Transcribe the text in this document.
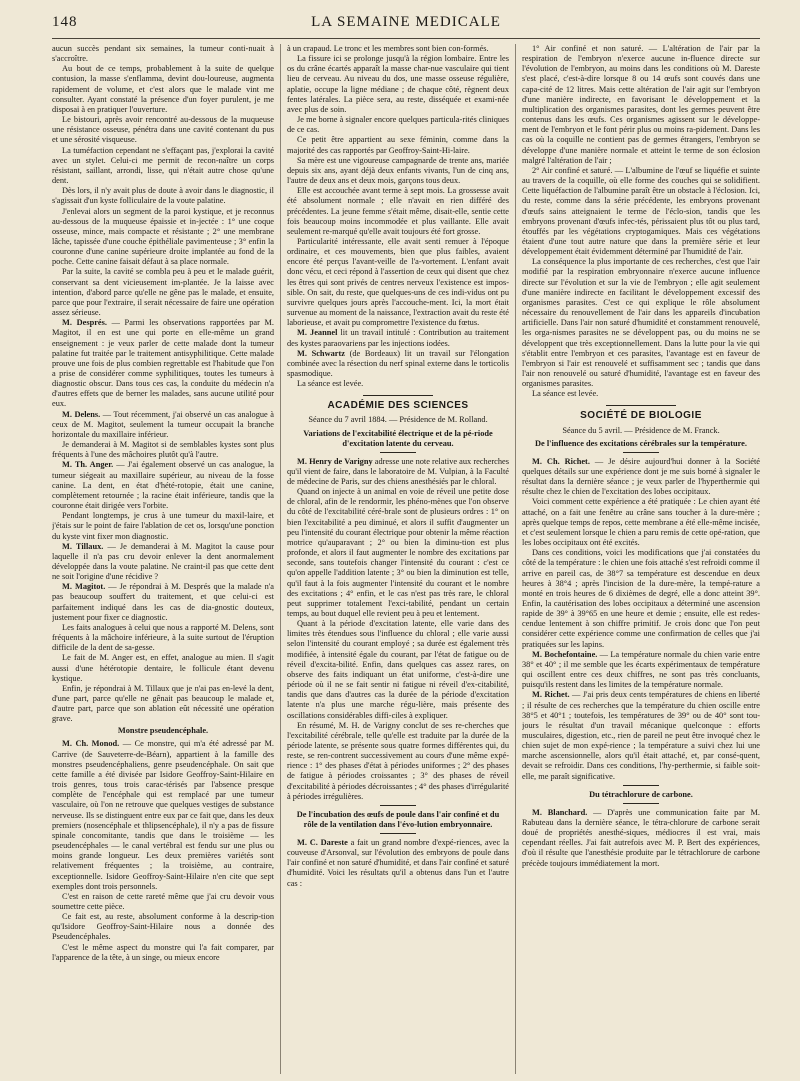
148	LA SEMAINE MEDICALE

aucun succès pendant six semaines, la tumeur conti-nuait à s'accroître.

Au bout de ce temps, probablement à la suite de quelque contusion, la masse s'enflamma, devint dou-loureuse, augmenta rapidement de volume, et c'est alors que le malade vint me consulter. Ayant constaté la présence d'un foyer purulent, je me disposai à en pratiquer l'ouverture.

Le bistouri, après avoir rencontré au-dessous de la muqueuse une résistance osseuse, pénétra dans une cavité contenant du pus et une sérosité visqueuse.

La tuméfaction cependant ne s'effaçant pas, j'explorai la cavité avec un stylet. Celui-ci me permit de recon-naître un corps résistant, saillant, arrondi, lisse, qui n'était autre chose qu'une dent.

Dès lors, il n'y avait plus de doute à avoir dans le diagnostic, il s'agissait d'un kyste folliculaire de la voute palatine.

J'enlevai alors un segment de la paroi kystique, et je reconnus au-dessous de la muqueuse épaissie et in-jectée : 1° une coque osseuse, mince, mais compacte et résistante ; 2° une membrane lâche, tapissée d'une couche épithéliale pavimenteuse ; 3° enfin la couronne d'une canine supérieure droite implantée au fond de la poche. Cette canine faisait défaut à sa place normale.

Par la suite, la cavité se combla peu à peu et le malade guérit, conservant sa dent vicieusement im-plantée. Je la laisse avec intention, d'abord parce qu'elle ne gêne pas le malade, et ensuite, parce que pour l'extraire, il serait nécessaire de faire une opération assez sérieuse.

M. Després. — Parmi les observations rapportées par M. Magitot, il en est une qui porte en elle-même un grand enseignement : je veux parler de cette malade dont la tumeur palatine fut traitée par le traitement antisyphilitique. Cette malade prouve une fois de plus combien regrettable est l'habitude que l'on a prise de considérer comme syphilitiques, toutes les tumeurs à diagnostic obscur. Dans tous ces cas, la conduite du médecin n'a d'autres effets que de berner les malades, sans aucune utilité pour eux.

M. Delens. — Tout récemment, j'ai observé un cas analogue à ceux de M. Magitot, seulement la tumeur occupait la branche horizontale du maxillaire inférieur.

Je demanderai à M. Magitot si de semblables kystes sont plus fréquents à l'une des mâchoires plutôt qu'à l'autre.

M. Th. Anger. — J'ai également observé un cas analogue, la tumeur siégeait au maxillaire supérieur, au niveau de la fosse canine. La dent, en état d'hété-rotopie, était une canine, complètement retournée ; la racine était inférieure, tandis que la couronne était dirigée vers l'orbite.

Pendant longtemps, je crus à une tumeur du maxil-laire, et j'étais sur le point de faire l'ablation de cet os, lorsqu'une ponction du kyste vint fixer mon diagnostic.

M. Tillaux. — Je demanderai à M. Magitot la cause pour laquelle il n'a pas cru devoir enlever la dent anormalement développée dans la voute palatine. Ne craint-il pas que cette dent ne soit l'origine d'une récidive ?

M. Magitot. — Je répondrai à M. Després que la malade n'a pas beaucoup souffert du traitement, et que celui-ci est parfaitement indiqué dans les cas de dia-gnostic douteux, justement pour fixer ce diagnostic.

Les faits analogues à celui que nous a rapporté M. Delens, sont fréquents à la mâchoire inférieure, à la suite surtout de l'éruption difficile de la dent de sa-gesse.

Le fait de M. Anger est, en effet, analogue au mien. Il s'agit aussi d'une hétérotopie dentaire, le follicule étant devenu kystique.

Enfin, je répondrai à M. Tillaux que je n'ai pas en-levé la dent, d'une part, parce qu'elle ne gênait pas beaucoup le malade et, d'autre part, parce que son ablation eût nécessité une opération grave.

Monstre pseudencéphale.

M. Ch. Monod. — Ce monstre, qui m'a été adressé par M. Carrive (de Sauveterre-de-Béarn), appartient à la famille des monstres pseudencéphaliens, genre pseudencéphale. On sait que cette famille a été divisée par Isidore Geoffroy-Saint-Hilaire en trois genres, tous trois carac-térisés par l'absence presque complète de l'encéphale qui est remplacé par une tumeur vasculaire, où l'on ne retrouve que quelques vestiges de substance nerveuse. Ils se distinguent entre eux par ce fait que, dans les deux premiers (nosencéphale et thlipsencéphale), il n'y a pas de fissure spinale concomitante, tandis que dans le troisième — les pseudencéphales — le canal vertébral est fendu sur une plus ou moins grande longueur. Les deux premières variétés sont relativement fréquentes ; la troisième, au contraire, exceptionnelle. Isidore Geoffroy-Saint-Hilaire n'en cite que sept exemples dont trois personnels.

C'est en raison de cette rareté même que j'ai cru devoir vous soumettre cette pièce.

Ce fait est, au reste, absolument conforme à la descrip-tion qu'Isidore Geoffroy-Saint-Hilaire nous a donnée des Pseudencéphales.

C'est le même aspect du monstre qui l'a fait comparer, par l'apparence de la tête, à un singe, ou mieux encore

à un crapaud. Le tronc et les membres sont bien con-formés.

La fissure ici se prolonge jusqu'à la région lombaire. Entre les os du crâne écartés apparaît la masse char-nue vasculaire qui tient lieu de cerveau. Au niveau du dos, une masse osseuse régulière, aplatie, occupe la ligne médiane ; de chaque côté, règnent deux fentes latérales. La pièce sera, au reste, disséquée et exami-née avec plus de soin.

Je me borne à signaler encore quelques particula-rités cliniques de ce cas.

Ce petit être appartient au sexe féminin, comme dans la majorité des cas rapportés par Geoffroy-Saint-Hi-laire.

Sa mère est une vigoureuse campagnarde de trente ans, mariée depuis six ans, ayant déjà deux enfants vivants, l'un de cinq ans, l'autre de deux ans et deux mois, garçons tous deux.

Elle est accouchée avant terme à sept mois. La grossesse avait été absolument normale ; elle n'avait en rien différé des précédentes. La jeune femme s'était même, disait-elle, sentie cette fois beaucoup moins incommodée et plus vaillante. Elle avait seulement re-marqué qu'elle avait toujours été fort grosse.

Particularité intéressante, elle avait senti remuer à l'époque ordinaire, et ces mouvements, bien que plus faibles, avaient encore été perçus l'avant-veille de l'a-vortement. L'enfant avait donc vécu, et ceci répond à l'assertion de ceux qui disent que chez les êtres qui sont privés de centres nerveux l'existence est impos-sible. On sait, du reste, que quelques-uns de ces indi-vidus ont pu survivre quelques jours après l'accouche-ment. Ici, la mort était survenue au moment de la naissance, l'extraction avait du reste été laborieuse, et avait pu compromettre l'existence du fœtus.

M. Jeannel lit un travail intitulé : Contribution au traitement des kystes paraovariens par les injections iodées.

M. Schwartz (de Bordeaux) lit un travail sur l'élongation combinée avec la résection du nerf spinal externe dans le torticolis spasmodique.

La séance est levée.

ACADÉMIE DES SCIENCES
Séance du 7 avril 1884. — Présidence de M. Rolland.
Variations de l'excitabilité électrique et de la pé-riode d'excitation latente du cerveau.

M. Henry de Varigny adresse une note relative aux recherches qu'il vient de faire, dans le laboratoire de M. Vulpian, à la Faculté de médecine de Paris, sur des chiens anesthésiés par le chloral.

Quand on injecte à un animal en voie de réveil une petite dose de chloral, afin de le rendormir, les phéno-mènes que l'on observe du côté de l'excitabilité céré-brale sont de plusieurs ordres : 1° on bien l'excitabilité a peu diminué, et alors il suffit d'augmenter un peu l'intensité du courant électrique pour obtenir la même réaction motrice qu'auparavant ; 2° ou bien la diminu-tion est plus profonde, et alors il faut augmenter le nombre des excitations par seconde, sans toutefois changer l'intensité du courant : c'est ce qu'on appelle l'addition latente ; 3° ou bien la diminution est telle, qu'il faut à la fois augmenter l'intensité du courant et le nombre des excitations ; 4° enfin, et le cas n'est pas très rare, le chloral peut supprimer totalement l'exci-tabilité, pendant un certain temps, au bout duquel elle revient peu à peu et lentement.

Quant à la période d'excitation latente, elle varie dans des limites très étendues sous l'influence du chloral ; elle varie aussi selon l'intensité du courant employé ; sa durée est également très modifiée, à intensité égale du courant, par l'état de fatigue ou de réveil d'excita-bilité. Enfin, dans quelques cas assez rares, on observe des faits indiquant un état uniforme, c'est-à-dire une période où il ne se fait sentir ni fatigue ni réveil d'ex-citabilité, tandis que dans d'autres cas la durée de la période d'excitation latente n'a plus une marche régu-lière, mais présente des oscillations considérables diffi-ciles à expliquer.

En résumé, M. H. de Varigny conclut de ses re-cherches que l'excitabilité cérébrale, telle qu'elle est traduite par la durée de la période latente, se présente sous quatre formes différentes qui, du reste, se ren-contrent successivement au cours d'une même expé-rience : 1° des phases d'état à périodes uniformes ; 2° des phases de fatigue à périodes croissantes ; 3° des phases de réveil d'excitabilité à périodes décroissantes ; 4° des phases d'irrégularité à périodes irrégulières.

De l'incubation des œufs de poule dans l'air confiné et du rôle de la ventilation dans l'évo-lution embryonnaire.

M. C. Dareste a fait un grand nombre d'expé-riences, avec la couveuse d'Arsonval, sur l'évolution des embryons de poule dans l'air confiné et non saturé d'humidité, et dans l'air confiné et saturé d'humidité. Voici les résultats qu'il a obtenus dans l'un et l'autre cas :

1° Air confiné et non saturé. — L'altération de l'air par la respiration de l'embryon n'exerce aucune in-fluence directe sur l'évolution de l'embryon, au moins dans les conditions où M. Dareste s'est placé, c'est-à-dire lorsque 8 ou 14 œufs sont couvés dans une capa-cité de 12 litres. Mais cette altération de l'air agit sur l'embryon d'une manière indirecte, en favorisant le développement et la multiplication des organismes parasites, dont les germes peuvent être contenus dans les œufs. Ces organismes agissent sur le développe-ment de l'embryon et le font périr plus ou moins ra-pidement. Dans les cas où la coquille ne contient pas de germes étrangers, l'embryon se développe d'une manière normale et atteint le terme de son éclosion malgré l'altération de l'air ;

2° Air confiné et saturé. — L'albumine de l'œuf se liquéfie et suinte au travers de la coquille, où elle forme des couches qui se solidifient. Cette liquéfaction de l'albumine paraît être un obstacle à l'éclosion. Ici, du reste, comme dans la série précédente, les embryons provenant d'œufs sains atteignaient le terme de l'éclo-sion, tandis que les embryons provenant d'œufs infec-tés, périssaient plus tôt ou plus tard, étouffés par les végétations cryptogamiques. Mais ces végétations étaient d'une tout autre nature que dans la première série et leur développement était évidemment déterminé par l'humidité de l'air.

La conséquence la plus importante de ces recherches, c'est que l'air modifié par la respiration embryonnaire n'exerce aucune influence directe sur l'évolution et sur la vie de l'embryon ; elle agit seulement d'une manière indirecte en facilitant le développement excessif des organismes parasites. C'est ce qui explique le rôle absolument nécessaire du renouvellement de l'air dans les appareils d'incubation artificielle. Dans l'air non saturé d'humidité et constamment renouvelé, les orga-nismes parasites ne se développent pas, ou du moins ne se développent que très exceptionnellement. Dans la lutte pour la vie qui s'établit entre l'embryon et ces parasites, l'avantage est en faveur de l'embryon si l'air est renouvelé et suffisamment sec ; tandis que dans l'air non renouvelé ou saturé d'humidité, l'avantage est en faveur des organismes parasites.

La séance est levée.

SOCIÉTÉ DE BIOLOGIE
Séance du 5 avril. — Présidence de M. Franck.
De l'influence des excitations cérébrales sur la température.

M. Ch. Richet. — Je désire aujourd'hui donner à la Société quelques détails sur une expérience dont je me suis borné à signaler le résultat dans la dernière séance ; je veux parler de l'hyperthermie qui résulte chez le chien de l'excitation des lobes occipitaux.

Voici comment cette expérience a été pratiquée : Le chien ayant été attaché, on a fait une fenêtre au crâne sans toucher à la dure-mère ; après quelque temps de repos, cette membrane a été elle-même incisée, et c'est seulement lorsque le chien a paru remis de cette opé-ration, que les lobes occipitaux ont été excités.

Dans ces conditions, voici les modifications que j'ai constatées du côté de la température : le chien une fois attaché s'est refroidi comme il arrive en pareil cas, de 38°7 sa température est descendue en deux heures à 38°4 ; après l'incision de la dure-mère, la tempé-rature a monté en trois heures de 6 dixièmes de degré, elle a donc atteint 39°. Enfin, la cautérisation des lobes occipitaux a déterminé une ascension rapide de 39° à 39°65 en une heure et demie ; ensuite, elle est redes-cendue lentement à son chiffre primitif. Je crois donc que l'on peut considérer cette expérience comme une confirmation de celles que j'ai pratiquées sur les lapins.

M. Bochefontaine. — La température normale du chien varie entre 38° et 40° ; il me semble que les écarts expérimentaux de température qui oscillent entre ces deux chiffres, ne sont pas très concluants, puisqu'ils restent dans les limites de la température normale.

M. Richet. — J'ai pris deux cents températures de chiens en liberté ; il résulte de ces recherches que la température du chien oscille entre 38°5 et 40°1 ; toutefois, les températures de 39° ou de 40° sont tou-jours le résultat d'un travail mécanique quelconque : efforts musculaires, digestion, etc., rien de pareil ne peut être invoqué chez le chien sujet de mon expé-rience ; la température a suivi chez lui une marche ascensionnelle, alors qu'il était attaché, et, par consé-quent, devait se refroidir. Dans ces conditions, l'hy-perthermie, si faible soit-elle, me paraît significative.

Du tétrachlorure de carbone.

M. Blanchard. — D'après une communication faite par M. Rabuteau dans la dernière séance, le tétra-chlorure de carbone serait doué de propriétés anesthé-siques, médiocres il est vrai, mais cependant réelles. J'ai fait autrefois avec M. P. Bert des expériences, d'où il résulte que l'anesthésie produite par le tétrachlorure de carbone précède toujours immédiatement la mort.
